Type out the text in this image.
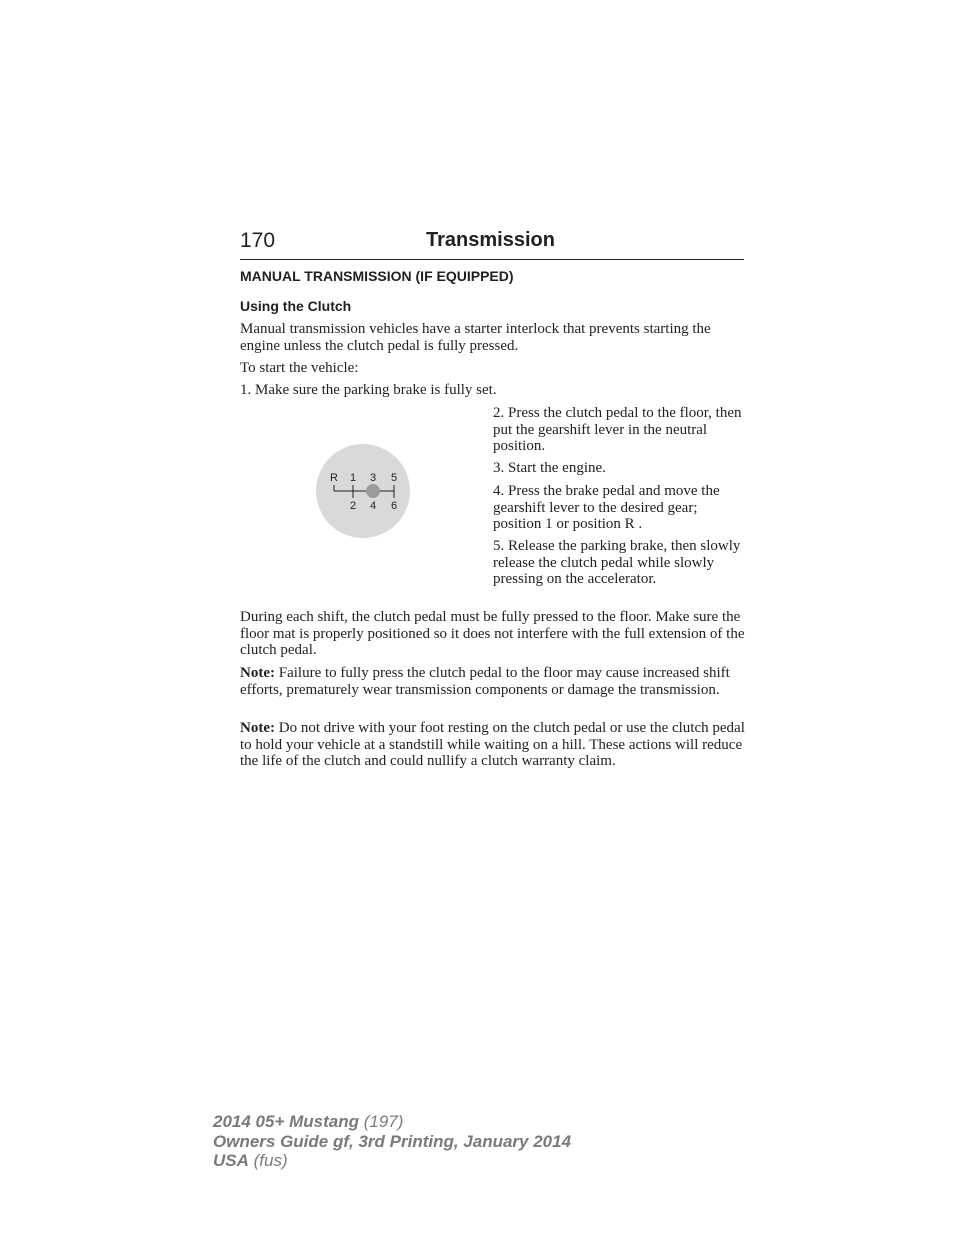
170	Transmission
MANUAL TRANSMISSION (IF EQUIPPED)
Using the Clutch

Manual transmission vehicles have a starter interlock that prevents starting the engine unless the clutch pedal is fully pressed.

To start the vehicle:

1. Make sure the parking brake is fully set.

R 1 3 5
2 4 6

2. Press the clutch pedal to the floor, then put the gearshift lever in the neutral position.

3. Start the engine.

4. Press the brake pedal and move the gearshift lever to the desired gear; position 1 or position R .

5. Release the parking brake, then slowly release the clutch pedal while slowly pressing on the accelerator.

During each shift, the clutch pedal must be fully pressed to the floor. Make sure the floor mat is properly positioned so it does not interfere with the full extension of the clutch pedal.

Note: Failure to fully press the clutch pedal to the floor may cause increased shift efforts, prematurely wear transmission components or damage the transmission.

Note: Do not drive with your foot resting on the clutch pedal or use the clutch pedal to hold your vehicle at a standstill while waiting on a hill. These actions will reduce the life of the clutch and could nullify a clutch warranty claim.

2014 05+ Mustang (197)
Owners Guide gf, 3rd Printing, January 2014
USA (fus)
